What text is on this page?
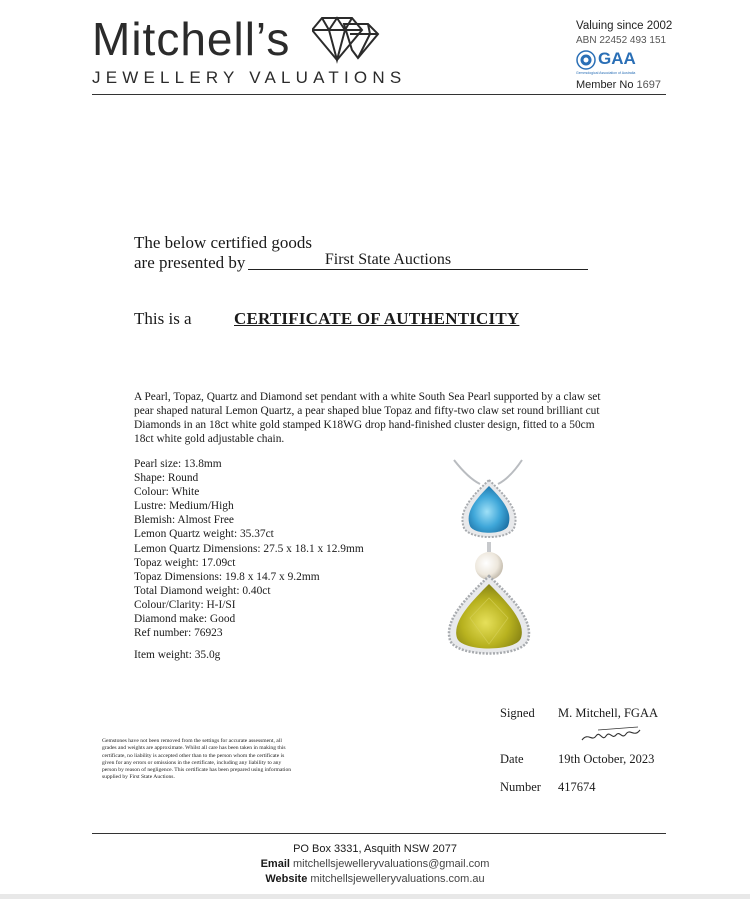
Mitchell’s
JEWELLERY VALUATIONS
Valuing since 2002
ABN 22452 493 151
GAA
Gemmological Association of Australia
Member No 1697
The below certified goods
are presented by	First State Auctions
This is a CERTIFICATE OF AUTHENTICITY
A Pearl, Topaz, Quartz and Diamond set pendant with a white South Sea Pearl supported by a claw set pear shaped natural Lemon Quartz, a pear shaped blue Topaz and fifty-two claw set round brilliant cut Diamonds in an 18ct white gold stamped K18WG drop hand-finished cluster design, fitted to a 50cm 18ct white gold adjustable chain.
Pearl size: 13.8mm
Shape: Round
Colour: White
Lustre: Medium/High
Blemish: Almost Free
Lemon Quartz weight: 35.37ct
Lemon Quartz Dimensions: 27.5 x 18.1 x 12.9mm
Topaz weight: 17.09ct
Topaz Dimensions: 19.8 x 14.7 x 9.2mm
Total Diamond weight: 0.40ct
Colour/Clarity: H-I/SI
Diamond make: Good
Ref number: 76923
Item weight: 35.0g
Signed M. Mitchell, FGAA
Date	19th October, 2023
Number 417674
Gemstones have not been removed from the settings for accurate assessment, all grades and weights are approximate. Whilst all care has been taken in making this certificate, no liability is accepted other than to the person whom the certificate is given for any errors or omissions in the certificate, including any liability to any person by reason of negligence. This certificate has been prepared using information supplied by First State Auctions.
PO Box 3331, Asquith NSW 2077
Email mitchellsjewelleryvaluations@gmail.com
Website mitchellsjewelleryvaluations.com.au
